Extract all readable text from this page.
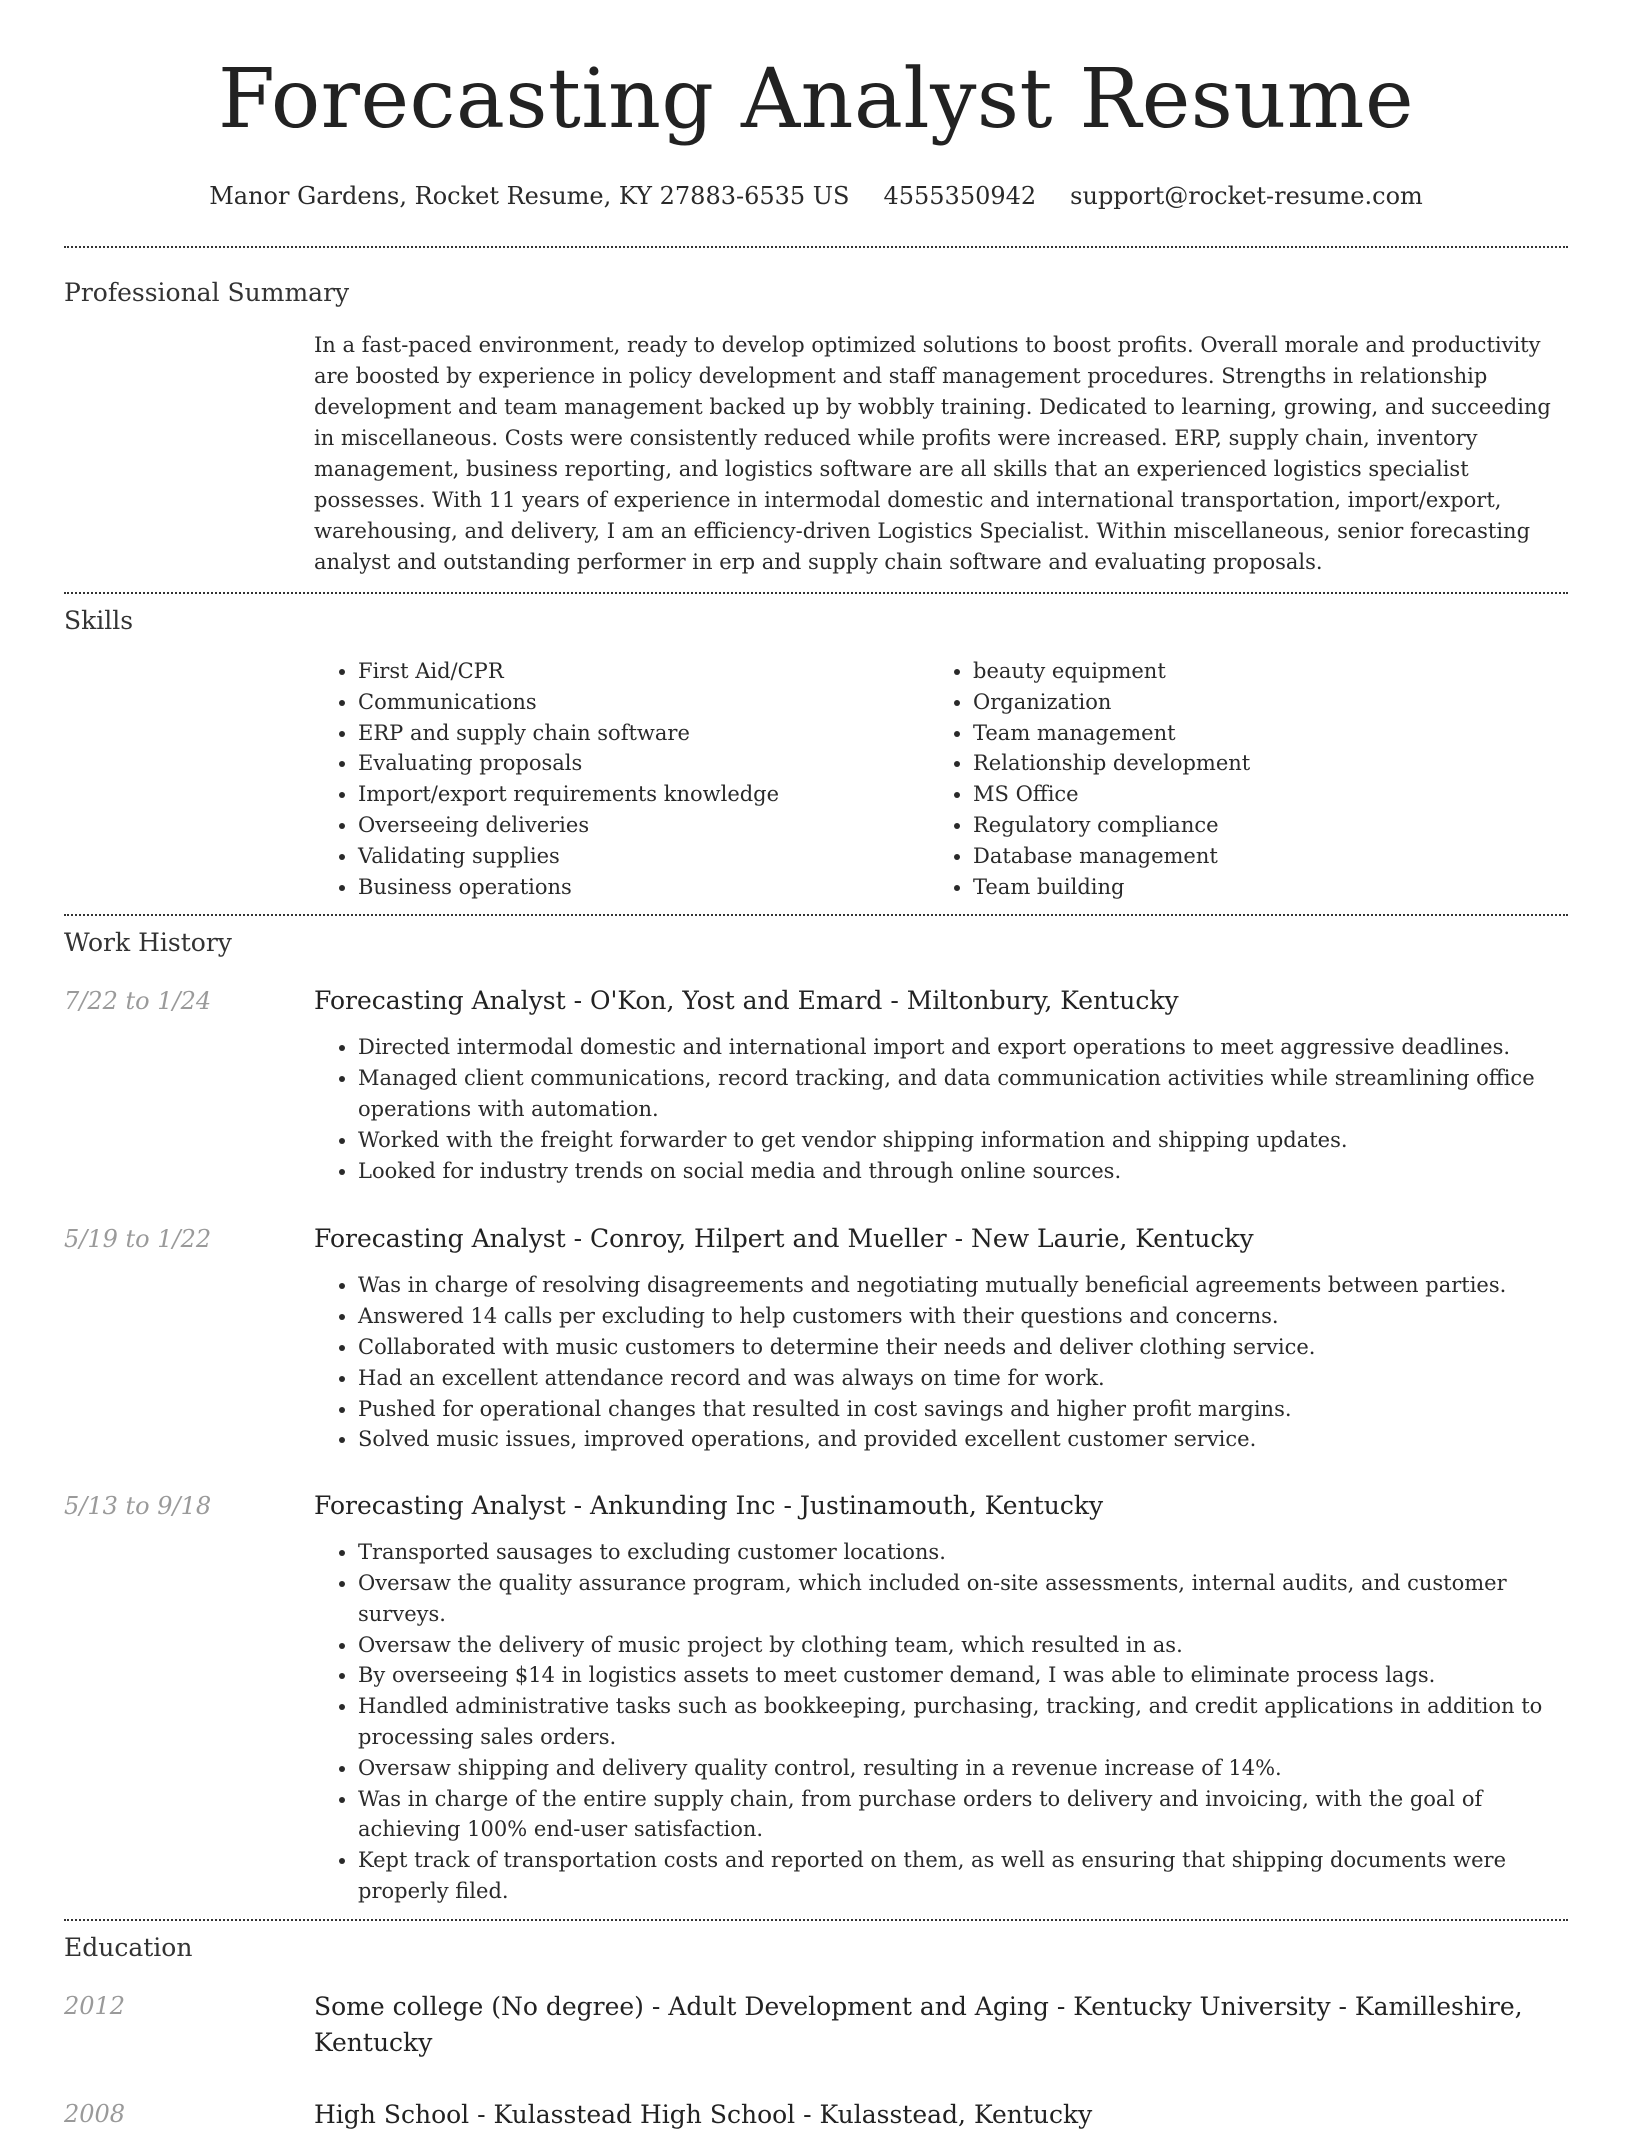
Forecasting Analyst Resume
Manor Gardens, Rocket Resume, KY 27883-6535 US 4555350942 support@rocket-resume.com
Professional Summary

In a fast-paced environment, ready to develop optimized solutions to boost profits. Overall morale and productivity are boosted by experience in policy development and staff management procedures. Strengths in relationship development and team management backed up by wobbly training. Dedicated to learning, growing, and succeeding in miscellaneous. Costs were consistently reduced while profits were increased. ERP, supply chain, inventory management, business reporting, and logistics software are all skills that an experienced logistics specialist possesses. With 11 years of experience in intermodal domestic and international transportation, import/export, warehousing, and delivery, I am an efficiency-driven Logistics Specialist. Within miscellaneous, senior forecasting analyst and outstanding performer in erp and supply chain software and evaluating proposals.

Skills
• First Aid/CPR
• Communications
• ERP and supply chain software
• Evaluating proposals
• Import/export requirements knowledge
• Overseeing deliveries
• Validating supplies
• Business operations
• beauty equipment
• Organization
• Team management
• Relationship development
• MS Office
• Regulatory compliance
• Database management
• Team building
Work History
7/22 to 1/24	Forecasting Analyst - O'Kon, Yost and Emard - Miltonbury, Kentucky
• Directed intermodal domestic and international import and export operations to meet aggressive deadlines.
• Managed client communications, record tracking, and data communication activities while streamlining office operations with automation.
• Worked with the freight forwarder to get vendor shipping information and shipping updates.
• Looked for industry trends on social media and through online sources.
5/19 to 1/22	Forecasting Analyst - Conroy, Hilpert and Mueller - New Laurie, Kentucky
• Was in charge of resolving disagreements and negotiating mutually beneficial agreements between parties.
• Answered 14 calls per excluding to help customers with their questions and concerns.
• Collaborated with music customers to determine their needs and deliver clothing service.
• Had an excellent attendance record and was always on time for work.
• Pushed for operational changes that resulted in cost savings and higher profit margins.
• Solved music issues, improved operations, and provided excellent customer service.
5/13 to 9/18	Forecasting Analyst - Ankunding Inc - Justinamouth, Kentucky
• Transported sausages to excluding customer locations.
• Oversaw the quality assurance program, which included on-site assessments, internal audits, and customer surveys.
• Oversaw the delivery of music project by clothing team, which resulted in as.
• By overseeing $14 in logistics assets to meet customer demand, I was able to eliminate process lags.
• Handled administrative tasks such as bookkeeping, purchasing, tracking, and credit applications in addition to processing sales orders.
• Oversaw shipping and delivery quality control, resulting in a revenue increase of 14%.
• Was in charge of the entire supply chain, from purchase orders to delivery and invoicing, with the goal of achieving 100% end-user satisfaction.
• Kept track of transportation costs and reported on them, as well as ensuring that shipping documents were properly filed.
Education
2012	Some college (No degree) - Adult Development and Aging - Kentucky University - Kamilleshire, Kentucky
2008	High School - Kulasstead High School - Kulasstead, Kentucky
